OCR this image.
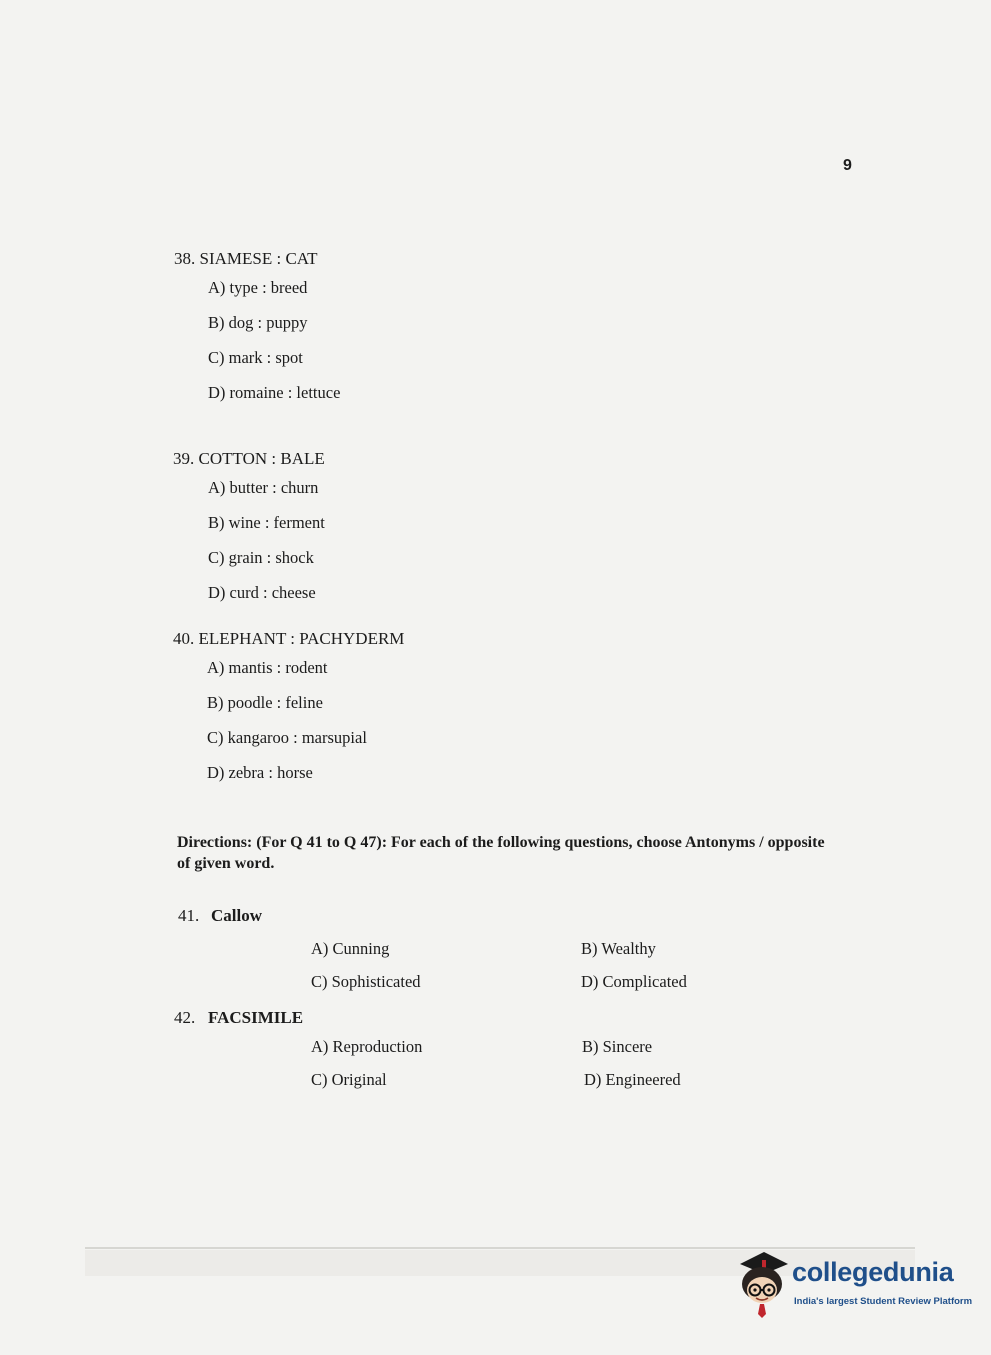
9
38. SIAMESE : CAT
A) type : breed
B) dog : puppy
C) mark : spot
D) romaine : lettuce
39. COTTON : BALE
A) butter : churn
B) wine : ferment
C) grain : shock
D) curd : cheese
40. ELEPHANT : PACHYDERM
A) mantis : rodent
B) poodle : feline
C) kangaroo : marsupial
D) zebra : horse
Directions: (For Q 41 to Q 47): For each of the following questions, choose Antonyms / opposite of given word.
41. Callow
A) Cunning	B) Wealthy
C) Sophisticated	D) Complicated
42. FACSIMILE
A) Reproduction	B) Sincere
C) Original	D) Engineered
collegedunia
India's largest Student Review Platform
